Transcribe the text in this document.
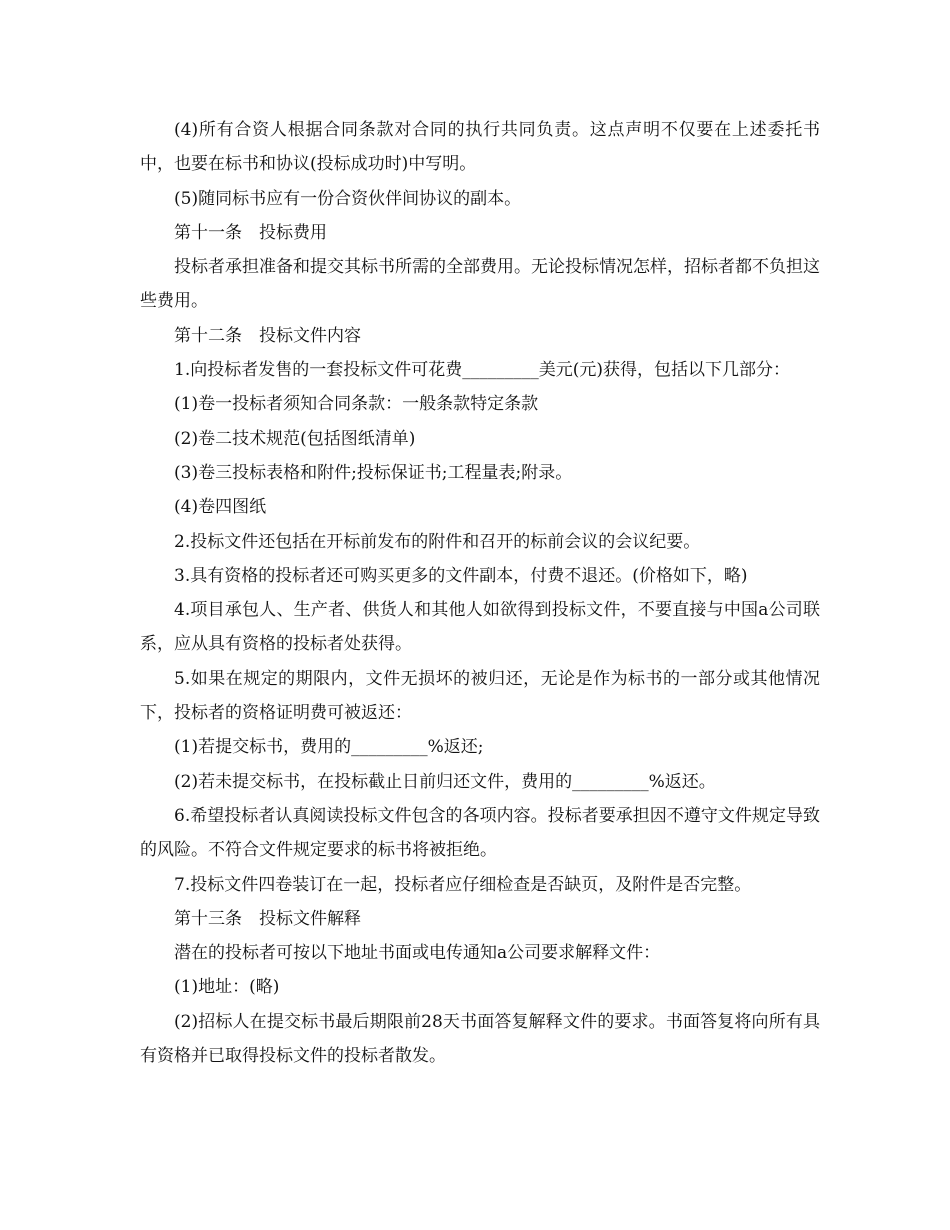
(4)所有合资人根据合同条款对合同的执行共同负责。这点声明不仅要在上述委托书中，也要在标书和协议(投标成功时)中写明。

(5)随同标书应有一份合资伙伴间协议的副本。

第十一条　投标费用

投标者承担准备和提交其标书所需的全部费用。无论投标情况怎样，招标者都不负担这些费用。

第十二条　投标文件内容

1.向投标者发售的一套投标文件可花费_________美元(元)获得，包括以下几部分：

(1)卷一投标者须知合同条款：一般条款特定条款

(2)卷二技术规范(包括图纸清单)

(3)卷三投标表格和附件;投标保证书;工程量表;附录。

(4)卷四图纸

2.投标文件还包括在开标前发布的附件和召开的标前会议的会议纪要。

3.具有资格的投标者还可购买更多的文件副本，付费不退还。(价格如下，略)

4.项目承包人、生产者、供货人和其他人如欲得到投标文件，不要直接与中国a公司联系，应从具有资格的投标者处获得。

5.如果在规定的期限内，文件无损坏的被归还，无论是作为标书的一部分或其他情况下，投标者的资格证明费可被返还：

(1)若提交标书，费用的_________%返还;

(2)若未提交标书，在投标截止日前归还文件，费用的_________%返还。

6.希望投标者认真阅读投标文件包含的各项内容。投标者要承担因不遵守文件规定导致的风险。不符合文件规定要求的标书将被拒绝。

7.投标文件四卷装订在一起，投标者应仔细检查是否缺页，及附件是否完整。

第十三条　投标文件解释

潜在的投标者可按以下地址书面或电传通知a公司要求解释文件：

(1)地址：(略)

(2)招标人在提交标书最后期限前28天书面答复解释文件的要求。书面答复将向所有具有资格并已取得投标文件的投标者散发。
